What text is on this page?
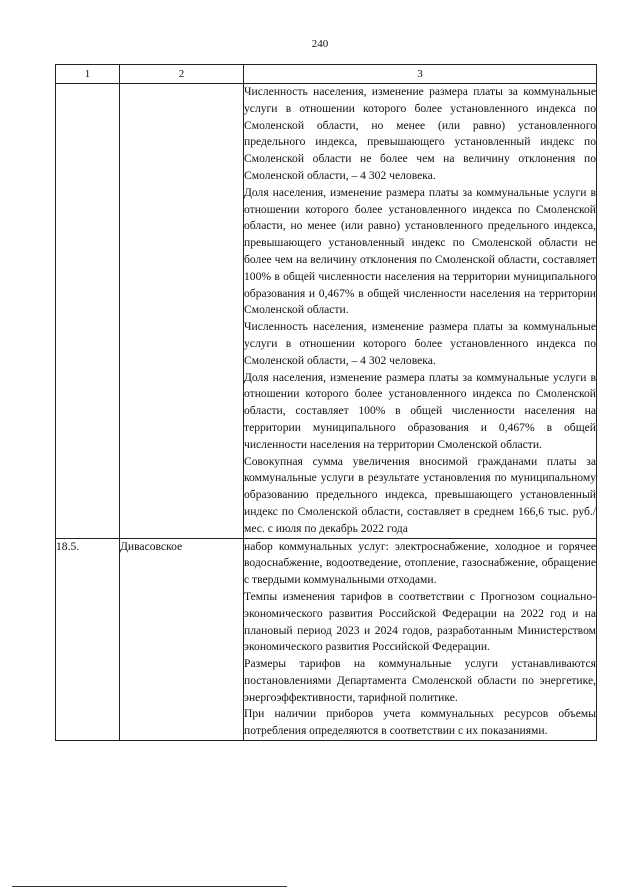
240
1	2	3

		Численность населения, изменение размера платы за коммунальные услуги в отношении которого более установленного индекса по Смоленской области, но менее (или равно) установленного предельного индекса, превышающего установленный индекс по Смоленской области не более чем на величину отклонения по Смоленской области, – 4 302 человека.

Доля населения, изменение размера платы за коммунальные услуги в отношении которого более установленного индекса по Смоленской области, но менее (или равно) установленного предельного индекса, превышающего установленный индекс по Смоленской области не более чем на величину отклонения по Смоленской области, составляет 100% в общей численности населения на территории муниципального образования и 0,467% в общей численности населения на территории Смоленской области.

Численность населения, изменение размера платы за коммунальные услуги в отношении которого более установленного индекса по Смоленской области, – 4 302 человека.

Доля населения, изменение размера платы за коммунальные услуги в отношении которого более установленного индекса по Смоленской области, составляет 100% в общей численности населения на территории муниципального образования и 0,467% в общей численности населения на территории Смоленской области.

Совокупная сумма увеличения вносимой гражданами платы за коммунальные услуги в результате установления по муниципальному образованию предельного индекса, превышающего установленный индекс по Смоленской области, составляет в среднем 166,6 тыс. руб./мес. с июля по декабрь 2022 года

18.5.	Дивасовское	набор коммунальных услуг: электроснабжение, холодное и горячее водоснабжение, водоотведение, отопление, газоснабжение, обращение с твердыми коммунальными отходами.

Темпы изменения тарифов в соответствии с Прогнозом социально-экономического развития Российской Федерации на 2022 год и на плановый период 2023 и 2024 годов, разработанным Министерством экономического развития Российской Федерации.

Размеры тарифов на коммунальные услуги устанавливаются постановлениями Департамента Смоленской области по энергетике, энергоэффективности, тарифной политике.

При наличии приборов учета коммунальных ресурсов объемы потребления определяются в соответствии с их показаниями.
